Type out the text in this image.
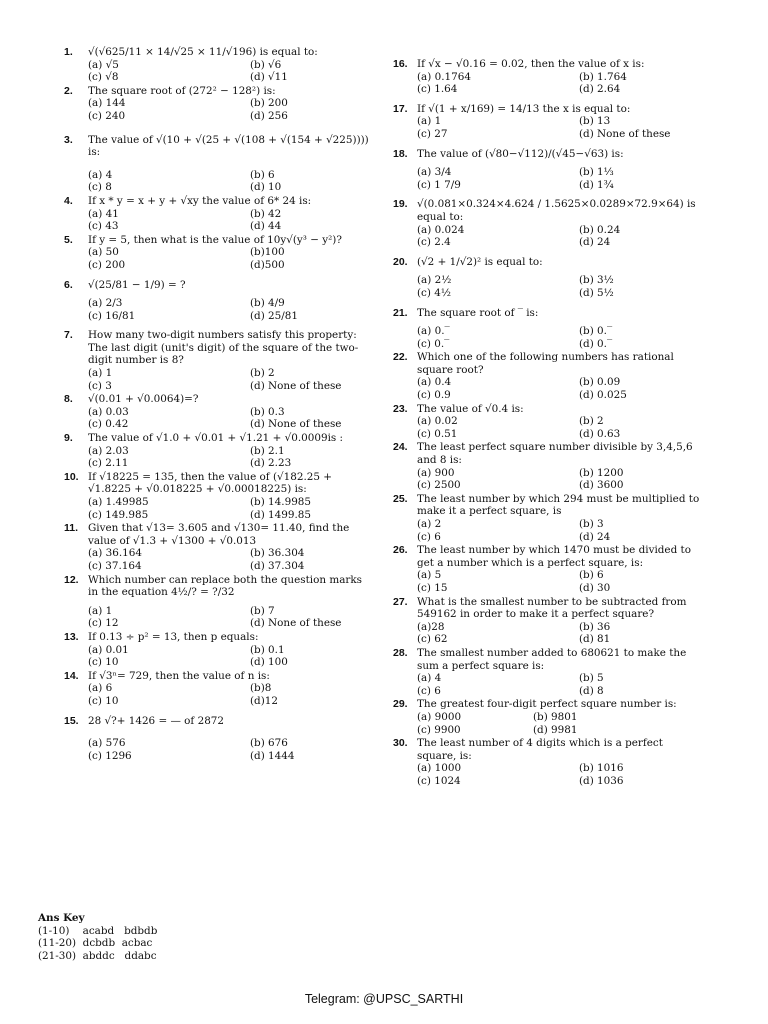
1. √(√625/11 × 14/√25 × 11/√196) is equal to:
(a) √5	(b) √6
(c) √8	(d) √11
2. The square root of (272² − 128²) is:
(a) 144	(b) 200
(c) 240	(d) 256
3. The value of √(10 + √(25 + √(108 + √(154 + √225)))) is:
(a) 4	(b) 6
(c) 8	(d) 10
4. If x * y = x + y + √xy the value of 6* 24 is:
(a) 41	(b) 42
(c) 43	(d) 44
5. If y = 5, then what is the value of 10y√(y³ − y²)?
(a) 50	(b)100
(c) 200	(d)500
6. √(25/81 − 1/9) = ?
(a) 2/3	(b) 4/9
(c) 16/81	(d) 25/81
7. How many two-digit numbers satisfy this property: The last digit (unit's digit) of the square of the two-digit number is 8?
(a) 1	(b) 2
(c) 3	(d) None of these
8. √(0.01 + √0.0064)=?
(a) 0.03	(b) 0.3
(c) 0.42	(d) None of these
9. The value of √1.0 + √0.01 + √1.21 + √0.0009is :
(a) 2.03	(b) 2.1
(c) 2.11	(d) 2.23
10. If √18225 = 135, then the value of (√182.25 + √1.8225 + √0.018225 + √0.00018225) is:
(a) 1.49985	(b) 14.9985
(c) 149.985	(d) 1499.85
11. Given that √13= 3.605 and √130= 11.40, find the value of √1.3 + √1300 + √0.013
(a) 36.164	(b) 36.304
(c) 37.164	(d) 37.304
12. Which number can replace both the question marks in the equation 4½/? = ?/32
(a) 1	(b) 7
(c) 12	(d) None of these
13. If 0.13 ÷ p² = 13, then p equals:
(a) 0.01	(b) 0.1
(c) 10	(d) 100
14. If √3ⁿ= 729, then the value of n is:
(a) 6	(b)8
(c) 10	(d)12
15. 28 √?+ 1426 = — of 2872
(a) 576	(b) 676
(c) 1296	(d) 1444
16. If √x − √0.16 = 0.02, then the value of x is:
(a) 0.1764	(b) 1.764
(c) 1.64	(d) 2.64
17. If √(1 + x/169) = 14/13 the x is equal to:
(a) 1	(b) 13
(c) 27	(d) None of these
18. The value of (√80−√112)/(√45−√63) is:
(a) 3/4	(b) 1⅓
(c) 1 7/9	(d) 1¾
19. √(0.081×0.324×4.624 / 1.5625×0.0289×72.9×64) is equal to:
(a) 0.024	(b) 0.24
(c) 2.4	(d) 24
20. (√2 + 1/√2)² is equal to:
(a) 2½	(b) 3½
(c) 4½	(d) 5½
21. The square root of ‾ is:
(a) 0.‾	(b) 0.‾
(c) 0.‾	(d) 0.‾
22. Which one of the following numbers has rational square root?
(a) 0.4	(b) 0.09
(c) 0.9	(d) 0.025
23. The value of √0.4 is:
(a) 0.02	(b) 2
(c) 0.51	(d) 0.63
24. The least perfect square number divisible by 3,4,5,6 and 8 is:
(a) 900	(b) 1200
(c) 2500	(d) 3600
25. The least number by which 294 must be multiplied to make it a perfect square, is
(a) 2	(b) 3
(c) 6	(d) 24
26. The least number by which 1470 must be divided to get a number which is a perfect square, is:
(a) 5	(b) 6
(c) 15	(d) 30
27. What is the smallest number to be subtracted from 549162 in order to make it a perfect square?
(a)28	(b) 36
(c) 62	(d) 81
28. The smallest number added to 680621 to make the sum a perfect square is:
(a) 4	(b) 5
(c) 6	(d) 8
29. The greatest four-digit perfect square number is:
(a) 9000	(b) 9801
(c) 9900	(d) 9981
30. The least number of 4 digits which is a perfect square, is:
(a) 1000	(b) 1016
(c) 1024	(d) 1036
Ans Key
(1-10)    acabd   bdbdb
(11-20)  dcbdb  acbac
(21-30)  abddc   ddabc
Telegram: @UPSC_SARTHI
